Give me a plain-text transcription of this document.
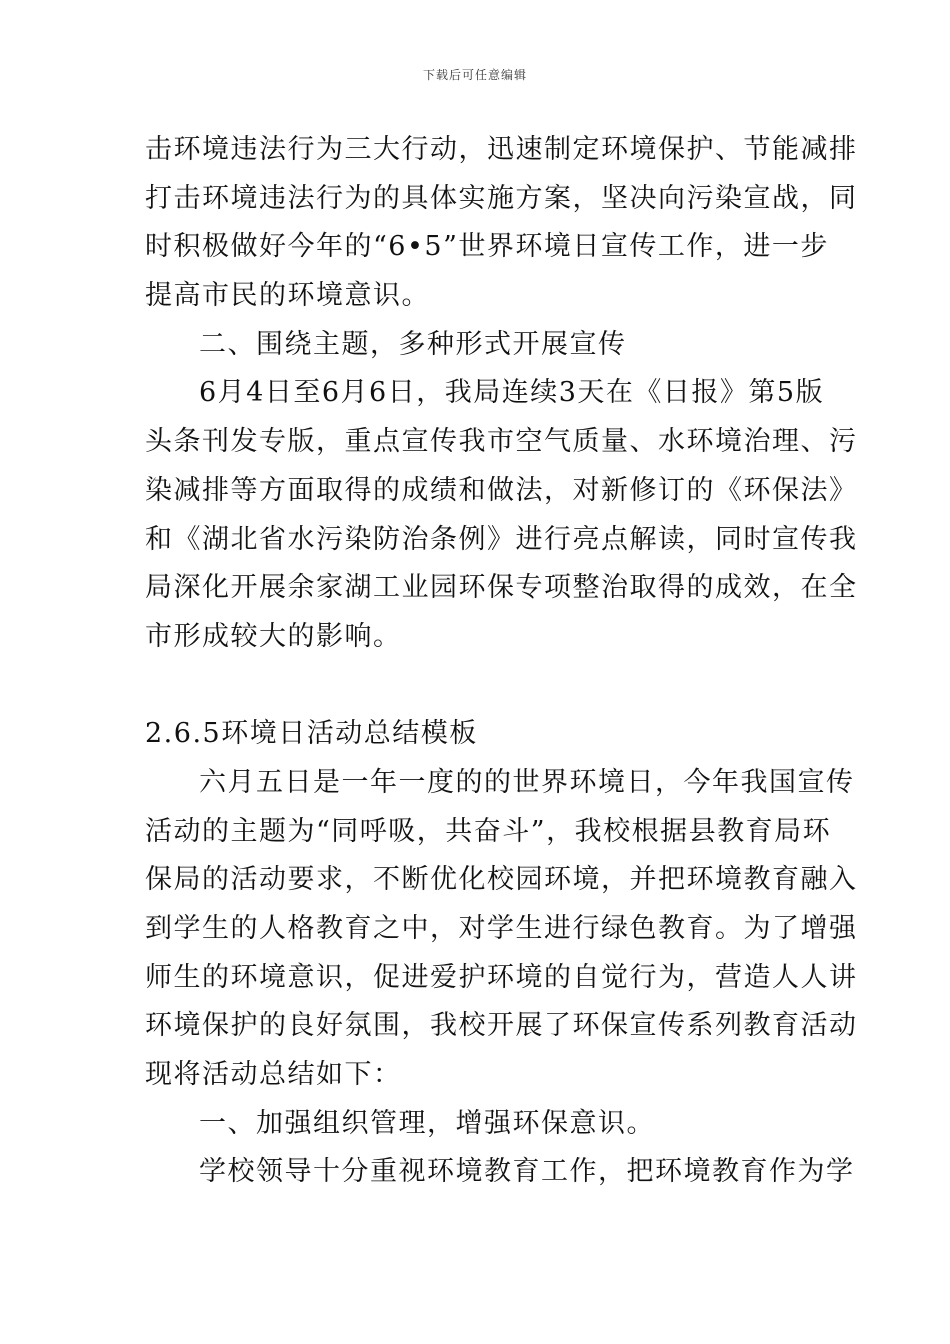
下载后可任意编辑
击环境违法行为三大行动，迅速制定环境保护、节能减排
打击环境违法行为的具体实施方案，坚决向污染宣战，同
时积极做好今年的“6•5”世界环境日宣传工作，进一步
提高市民的环境意识。
二、围绕主题，多种形式开展宣传
6月4日至6月6日，我局连续3天在《日报》第5版
头条刊发专版，重点宣传我市空气质量、水环境治理、污
染减排等方面取得的成绩和做法，对新修订的《环保法》
和《湖北省水污染防治条例》进行亮点解读，同时宣传我
局深化开展余家湖工业园环保专项整治取得的成效，在全
市形成较大的影响。
2.6.5环境日活动总结模板
六月五日是一年一度的的世界环境日，今年我国宣传
活动的主题为“同呼吸，共奋斗”，我校根据县教育局环
保局的活动要求，不断优化校园环境，并把环境教育融入
到学生的人格教育之中，对学生进行绿色教育。为了增强
师生的环境意识，促进爱护环境的自觉行为，营造人人讲
环境保护的良好氛围，我校开展了环保宣传系列教育活动
现将活动总结如下：
一、加强组织管理，增强环保意识。
学校领导十分重视环境教育工作，把环境教育作为学
